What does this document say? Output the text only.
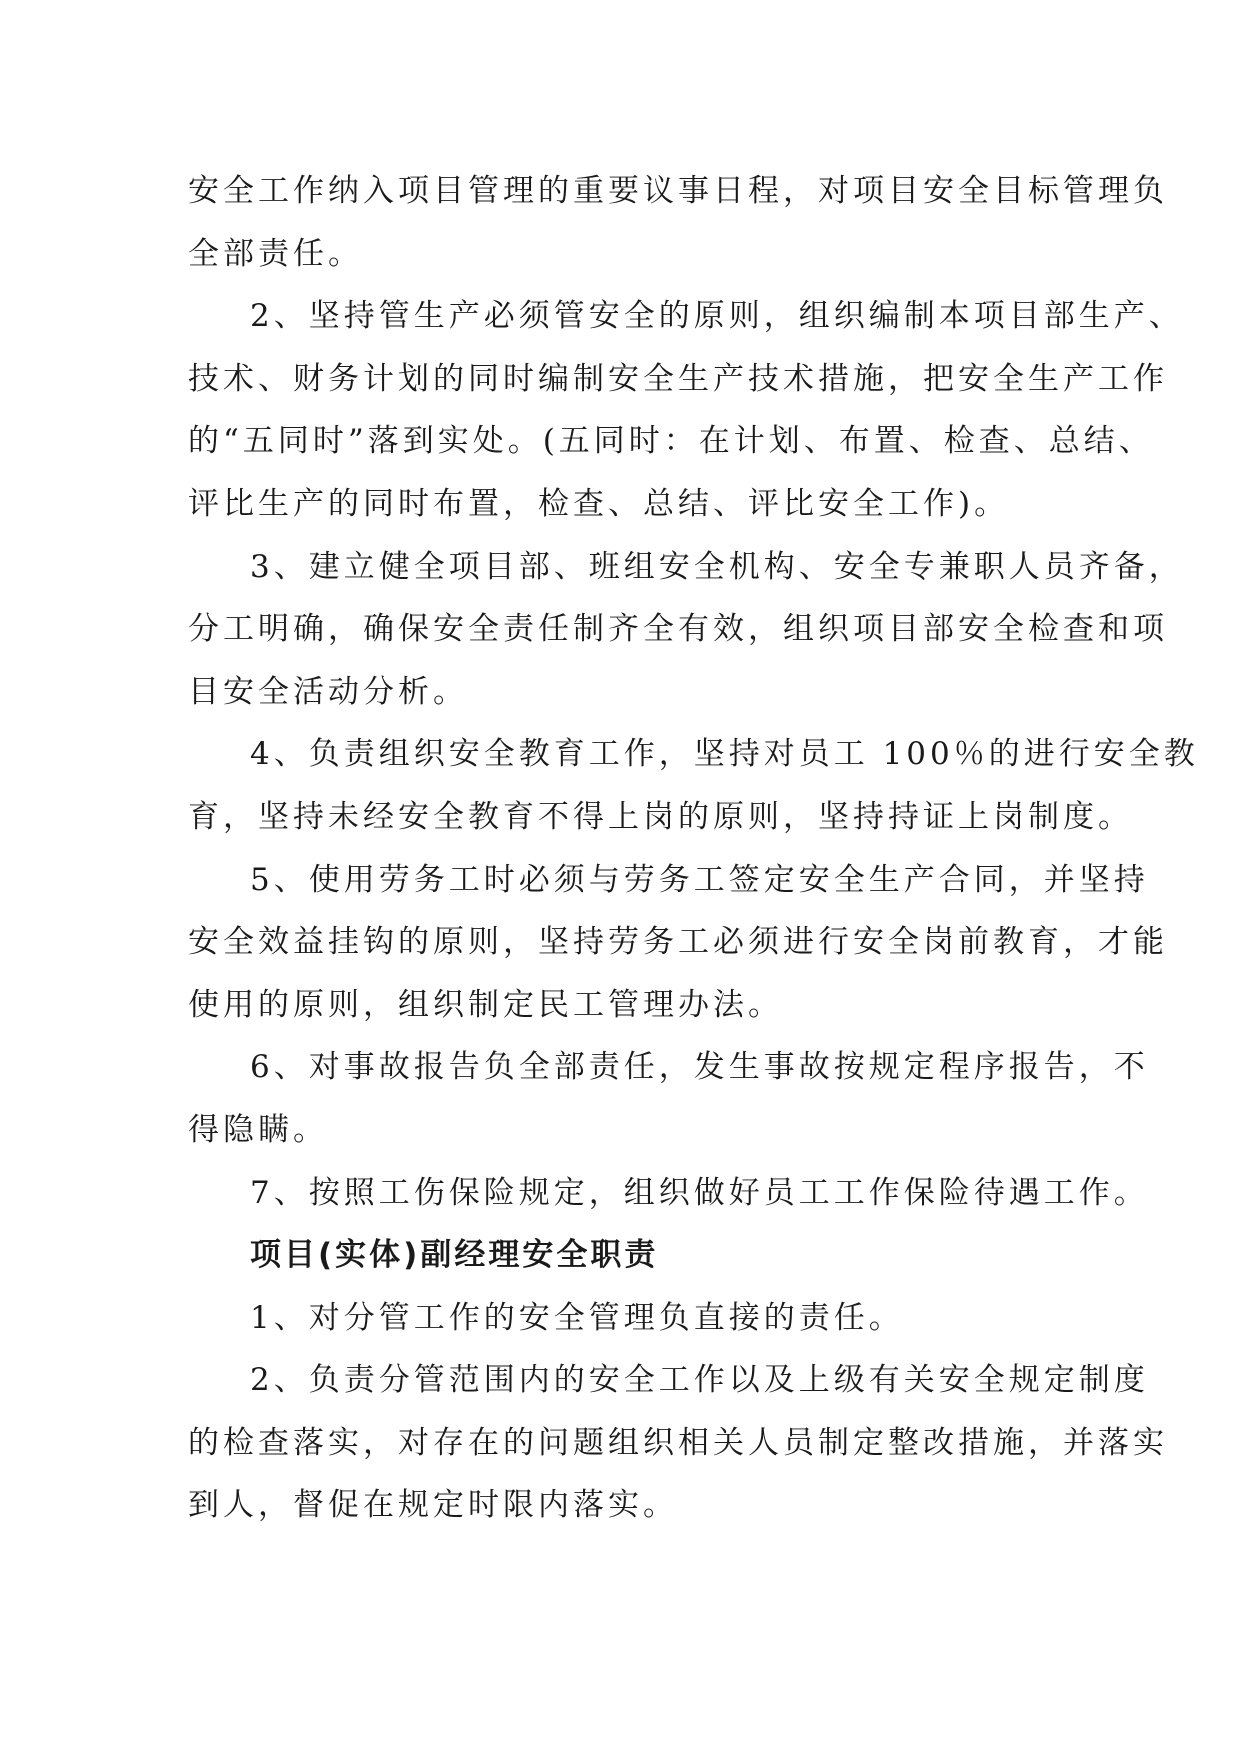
安全工作纳入项目管理的重要议事日程，对项目安全目标管理负
全部责任。
2、坚持管生产必须管安全的原则，组织编制本项目部生产、
技术、财务计划的同时编制安全生产技术措施，把安全生产工作
的“五同时”落到实处。(五同时：在计划、布置、检查、总结、
评比生产的同时布置，检查、总结、评比安全工作)。
3、建立健全项目部、班组安全机构、安全专兼职人员齐备，
分工明确，确保安全责任制齐全有效，组织项目部安全检查和项
目安全活动分析。
4、负责组织安全教育工作，坚持对员工 100％的进行安全教
育，坚持未经安全教育不得上岗的原则，坚持持证上岗制度。
5、使用劳务工时必须与劳务工签定安全生产合同，并坚持
安全效益挂钩的原则，坚持劳务工必须进行安全岗前教育，才能
使用的原则，组织制定民工管理办法。
6、对事故报告负全部责任，发生事故按规定程序报告，不
得隐瞒。
7、按照工伤保险规定，组织做好员工工作保险待遇工作。
项目(实体)副经理安全职责
1、对分管工作的安全管理负直接的责任。
2、负责分管范围内的安全工作以及上级有关安全规定制度
的检查落实，对存在的问题组织相关人员制定整改措施，并落实
到人，督促在规定时限内落实。
